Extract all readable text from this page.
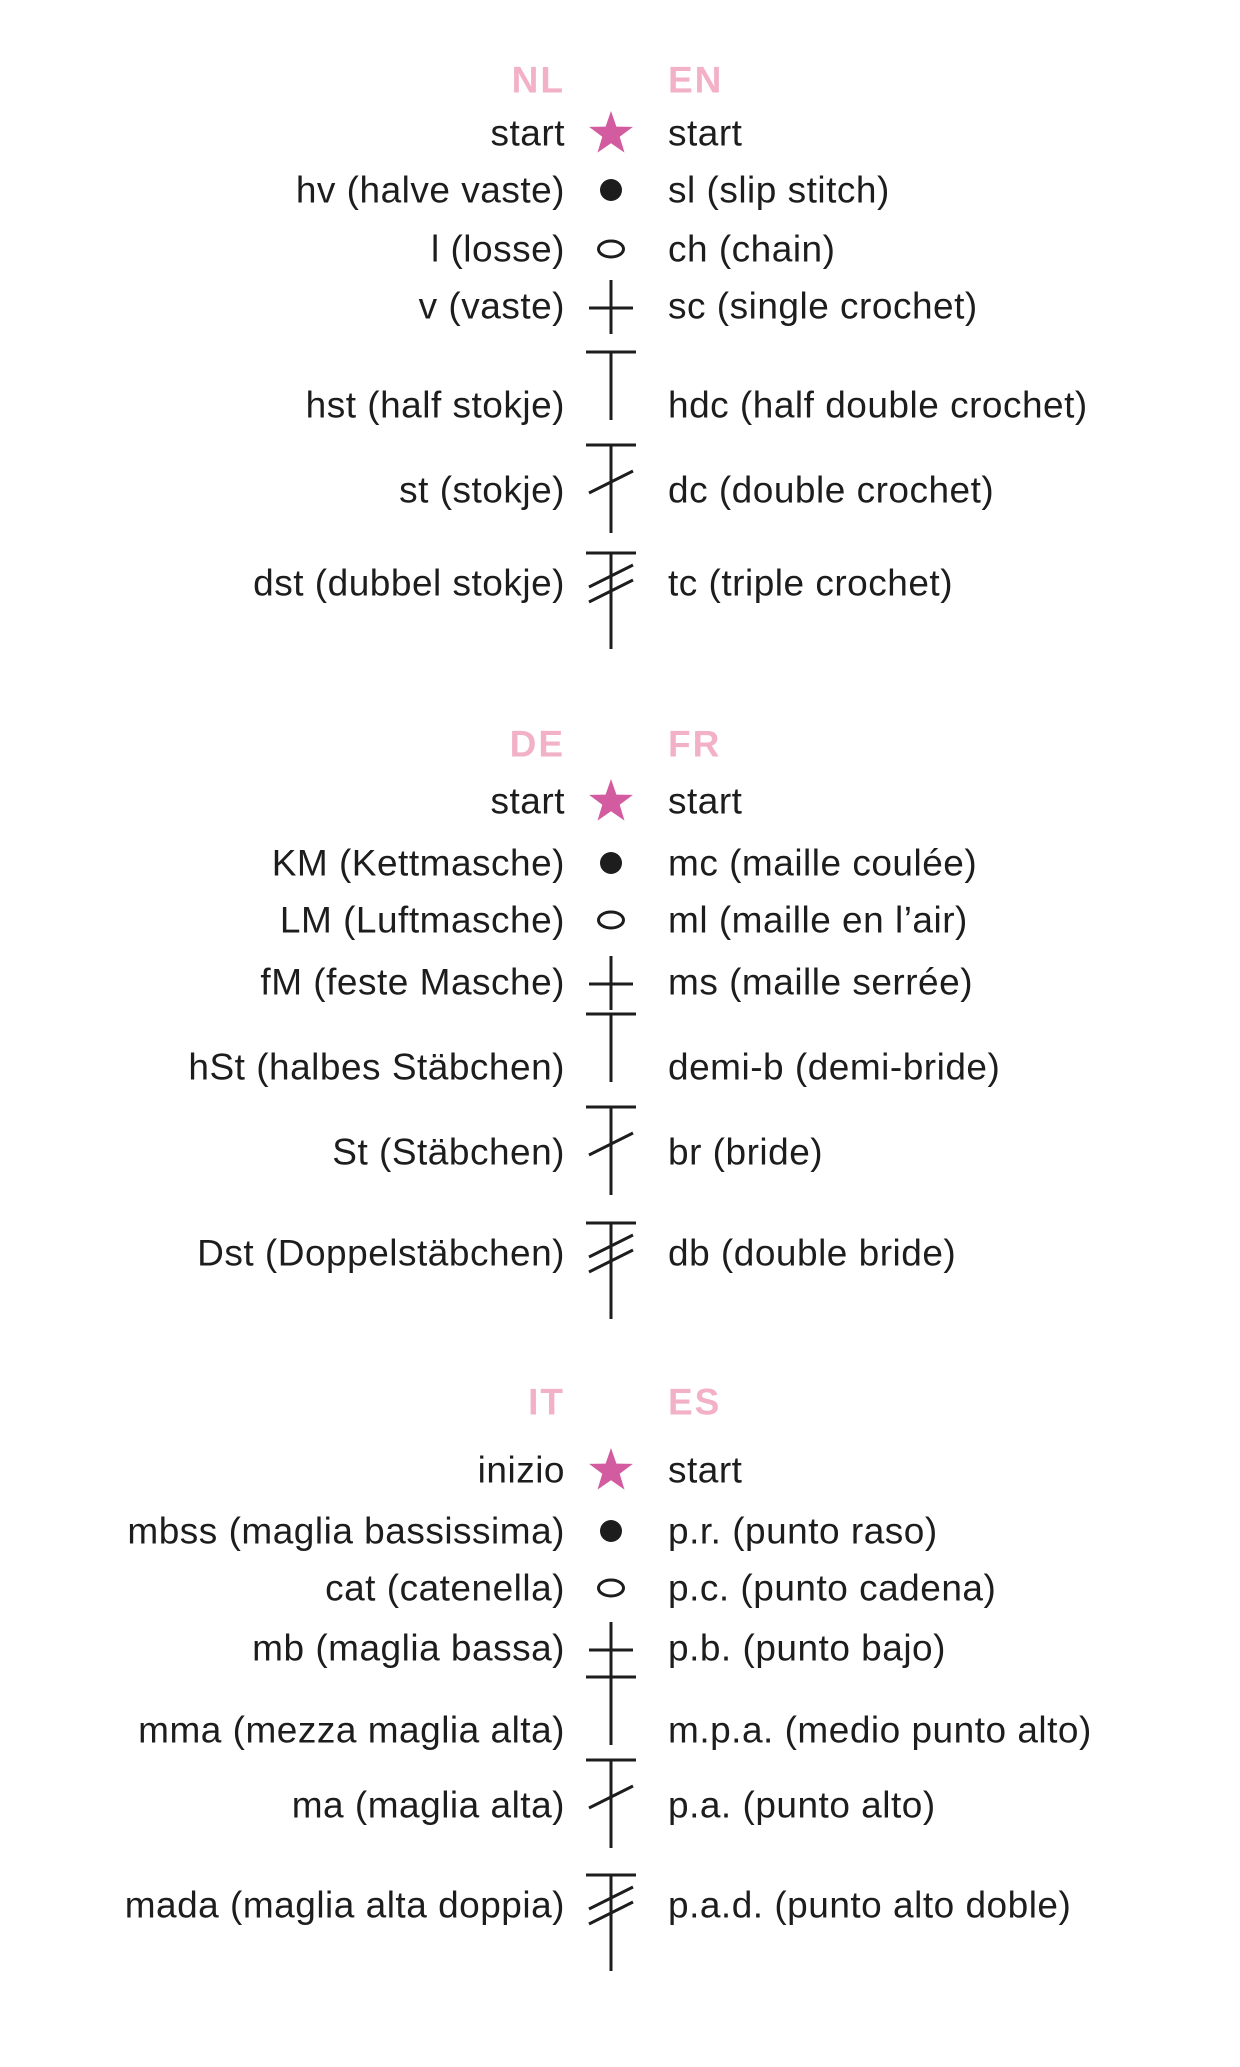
NL	EN
start	start
hv (halve vaste)	sl (slip stitch)
l (losse)	ch (chain)
v (vaste)	sc (single crochet)
hst (half stokje)	hdc (half double crochet)
st (stokje)	dc (double crochet)
dst (dubbel stokje)	tc (triple crochet)
DE	FR
start	start
KM (Kettmasche)	mc (maille coulée)
LM (Luftmasche)	ml (maille en l’air)
fM (feste Masche)	ms (maille serrée)
hSt (halbes Stäbchen)	demi-b (demi-bride)
St (Stäbchen)	br (bride)
Dst (Doppelstäbchen)	db (double bride)
IT	ES
inizio	start
mbss (maglia bassissima)	p.r. (punto raso)
cat (catenella)	p.c. (punto cadena)
mb (maglia bassa)	p.b. (punto bajo)
mma (mezza maglia alta)	m.p.a. (medio punto alto)
ma (maglia alta)	p.a. (punto alto)
mada (maglia alta doppia)	p.a.d. (punto alto doble)
